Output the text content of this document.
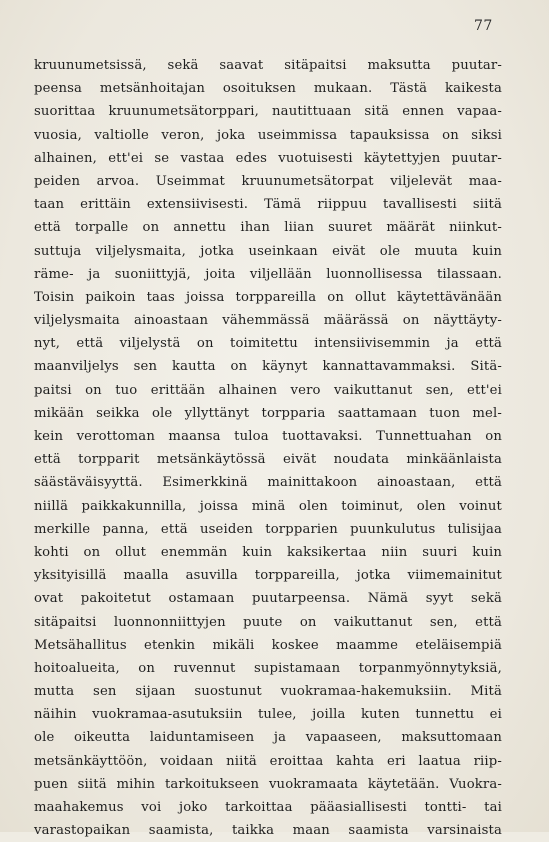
77
kruunumetsissä, sekä saavat sitäpaitsi maksutta puutar-
peensa metsänhoitajan osoituksen mukaan. Tästä kaikesta
suorittaa kruunumetsätorppari, nautittuaan sitä ennen vapaa-
vuosia, valtiolle veron, joka useimmissa tapauksissa on siksi
alhainen, ett'ei se vastaa edes vuotuisesti käytettyjen puutar-
peiden arvoa. Useimmat kruunumetsätorpat viljelevät maa-
taan erittäin extensiivisesti. Tämä riippuu tavallisesti siitä
että torpalle on annettu ihan liian suuret määrät niinkut-
suttuja viljelysmaita, jotka useinkaan eivät ole muuta kuin
räme- ja suoniittyjä, joita viljellään luonnollisessa tilassaan.
Toisin paikoin taas joissa torppareilla on ollut käytettävänään
viljelysmaita ainoastaan vähemmässä määrässä on näyttäyty-
nyt, että viljelystä on toimitettu intensiivisemmin ja että
maanviljelys sen kautta on käynyt kannattavammaksi. Sitä-
paitsi on tuo erittään alhainen vero vaikuttanut sen, ett'ei
mikään seikka ole yllyttänyt torpparia saattamaan tuon mel-
kein verottoman maansa tuloa tuottavaksi. Tunnettuahan on
että torpparit metsänkäytössä eivät noudata minkäänlaista
säästäväisyyttä. Esimerkkinä mainittakoon ainoastaan, että
niillä paikkakunnilla, joissa minä olen toiminut, olen voinut
merkille panna, että useiden torpparien puunkulutus tulisijaa
kohti on ollut enemmän kuin kaksikertaa niin suuri kuin
yksityisillä maalla asuvilla torppareilla, jotka viimemainitut
ovat pakoitetut ostamaan puutarpeensa. Nämä syyt sekä
sitäpaitsi luonnonniittyjen puute on vaikuttanut sen, että
Metsähallitus etenkin mikäli koskee maamme eteläisempiä
hoitoalueita, on ruvennut supistamaan torpanmyönnytyksiä,
mutta sen sijaan suostunut vuokramaa-hakemuksiin. Mitä
näihin vuokramaa-asutuksiin tulee, joilla kuten tunnettu ei
ole oikeutta laiduntamiseen ja vapaaseen, maksuttomaan
metsänkäyttöön, voidaan niitä eroittaa kahta eri laatua riip-
puen siitä mihin tarkoitukseen vuokramaata käytetään. Vuokra-
maahakemus voi joko tarkoittaa pääasiallisesti tontti- tai
varastopaikan saamista, taikka maan saamista varsinaista
